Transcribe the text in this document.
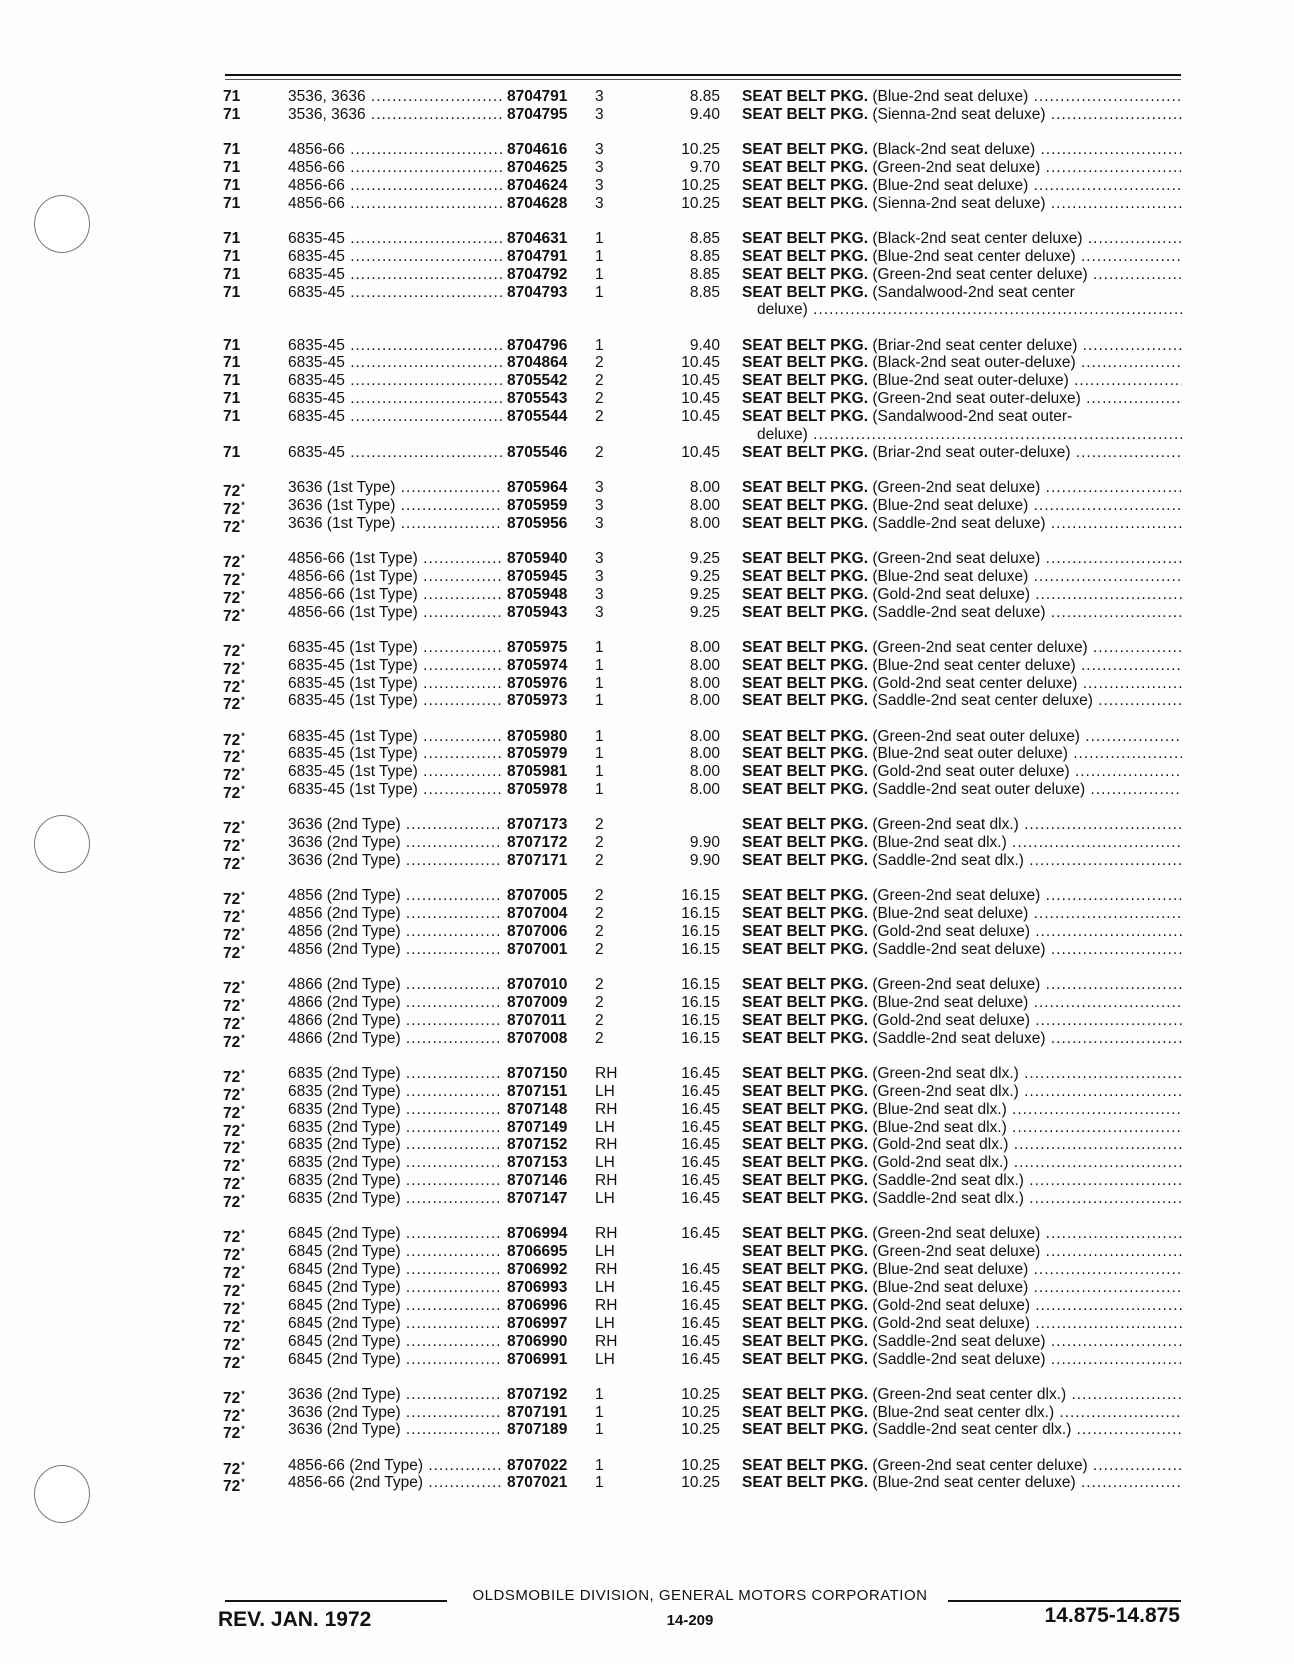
71	3536, 3636 .....	8704791	3	8.85 SEAT BELT PKG. (Blue-2nd seat deluxe) .....
71	3536, 3636 .....	8704795	3	9.40 SEAT BELT PKG. (Sienna-2nd seat deluxe) .....
71	4856-66 .....	8704616	3	10.25 SEAT BELT PKG. (Black-2nd seat deluxe) .....
71	4856-66 .....	8704625	3	9.70 SEAT BELT PKG. (Green-2nd seat deluxe) .....
71	4856-66 .....	8704624	3	10.25 SEAT BELT PKG. (Blue-2nd seat deluxe) .....
71	4856-66 .....	8704628	3	10.25 SEAT BELT PKG. (Sienna-2nd seat deluxe) .....
71	6835-45 .....	8704631	1	8.85 SEAT BELT PKG. (Black-2nd seat center deluxe) .....
71	6835-45 .....	8704791	1	8.85 SEAT BELT PKG. (Blue-2nd seat center deluxe) .....
71	6835-45 .....	8704792	1	8.85 SEAT BELT PKG. (Green-2nd seat center deluxe) .....
71	6835-45 .....	8704793	1	8.85 SEAT BELT PKG. (Sandalwood-2nd seat center
deluxe) .....
71	6835-45 .....	8704796	1	9.40 SEAT BELT PKG. (Briar-2nd seat center deluxe) .....
71	6835-45 .....	8704864	2	10.45 SEAT BELT PKG. (Black-2nd seat outer-deluxe) .....
71	6835-45 .....	8705542	2	10.45 SEAT BELT PKG. (Blue-2nd seat outer-deluxe) .....
71	6835-45 .....	8705543	2	10.45 SEAT BELT PKG. (Green-2nd seat outer-deluxe) .....
71	6835-45 .....	8705544	2	10.45 SEAT BELT PKG. (Sandalwood-2nd seat outer-
deluxe) .....
71	6835-45 .....	8705546	2	10.45 SEAT BELT PKG. (Briar-2nd seat outer-deluxe) .....
72*	3636 (1st Type) .....	8705964	3	8.00 SEAT BELT PKG. (Green-2nd seat deluxe) .....
72*	3636 (1st Type) .....	8705959	3	8.00 SEAT BELT PKG. (Blue-2nd seat deluxe) .....
72*	3636 (1st Type) .....	8705956	3	8.00 SEAT BELT PKG. (Saddle-2nd seat deluxe) .....
72*	4856-66 (1st Type) .....	8705940	3	9.25 SEAT BELT PKG. (Green-2nd seat deluxe) .....
72*	4856-66 (1st Type) .....	8705945	3	9.25 SEAT BELT PKG. (Blue-2nd seat deluxe) .....
72*	4856-66 (1st Type) .....	8705948	3	9.25 SEAT BELT PKG. (Gold-2nd seat deluxe) .....
72*	4856-66 (1st Type) .....	8705943	3	9.25 SEAT BELT PKG. (Saddle-2nd seat deluxe) .....
72*	6835-45 (1st Type) .....	8705975	1	8.00 SEAT BELT PKG. (Green-2nd seat center deluxe) .....
72*	6835-45 (1st Type) .....	8705974	1	8.00 SEAT BELT PKG. (Blue-2nd seat center deluxe) .....
72*	6835-45 (1st Type) .....	8705976	1	8.00 SEAT BELT PKG. (Gold-2nd seat center deluxe) .....
72*	6835-45 (1st Type) .....	8705973	1	8.00 SEAT BELT PKG. (Saddle-2nd seat center deluxe) .....
72*	6835-45 (1st Type) .....	8705980	1	8.00 SEAT BELT PKG. (Green-2nd seat outer deluxe) .....
72*	6835-45 (1st Type) .....	8705979	1	8.00 SEAT BELT PKG. (Blue-2nd seat outer deluxe) .....
72*	6835-45 (1st Type) .....	8705981	1	8.00 SEAT BELT PKG. (Gold-2nd seat outer deluxe) .....
72*	6835-45 (1st Type) .....	8705978	1	8.00 SEAT BELT PKG. (Saddle-2nd seat outer deluxe) .....
72*	3636 (2nd Type) .....	8707173	2	SEAT BELT PKG. (Green-2nd seat dlx.) .....
72*	3636 (2nd Type) .....	8707172	2	9.90 SEAT BELT PKG. (Blue-2nd seat dlx.) .....
72*	3636 (2nd Type) .....	8707171	2	9.90 SEAT BELT PKG. (Saddle-2nd seat dlx.) .....
72*	4856 (2nd Type) .....	8707005	2	16.15 SEAT BELT PKG. (Green-2nd seat deluxe) .....
72*	4856 (2nd Type) .....	8707004	2	16.15 SEAT BELT PKG. (Blue-2nd seat deluxe) .....
72*	4856 (2nd Type) .....	8707006	2	16.15 SEAT BELT PKG. (Gold-2nd seat deluxe) .....
72*	4856 (2nd Type) .....	8707001	2	16.15 SEAT BELT PKG. (Saddle-2nd seat deluxe) .....
72*	4866 (2nd Type) .....	8707010	2	16.15 SEAT BELT PKG. (Green-2nd seat deluxe) .....
72*	4866 (2nd Type) .....	8707009	2	16.15 SEAT BELT PKG. (Blue-2nd seat deluxe) .....
72*	4866 (2nd Type) .....	8707011	2	16.15 SEAT BELT PKG. (Gold-2nd seat deluxe) .....
72*	4866 (2nd Type) .....	8707008	2	16.15 SEAT BELT PKG. (Saddle-2nd seat deluxe) .....
72*	6835 (2nd Type) .....	8707150	RH	16.45 SEAT BELT PKG. (Green-2nd seat dlx.) .....
72*	6835 (2nd Type) .....	8707151	LH	16.45 SEAT BELT PKG. (Green-2nd seat dlx.) .....
72*	6835 (2nd Type) .....	8707148	RH	16.45 SEAT BELT PKG. (Blue-2nd seat dlx.) .....
72*	6835 (2nd Type) .....	8707149	LH	16.45 SEAT BELT PKG. (Blue-2nd seat dlx.) .....
72*	6835 (2nd Type) .....	8707152	RH	16.45 SEAT BELT PKG. (Gold-2nd seat dlx.) .....
72*	6835 (2nd Type) .....	8707153	LH	16.45 SEAT BELT PKG. (Gold-2nd seat dlx.) .....
72*	6835 (2nd Type) .....	8707146	RH	16.45 SEAT BELT PKG. (Saddle-2nd seat dlx.) .....
72*	6835 (2nd Type) .....	8707147	LH	16.45 SEAT BELT PKG. (Saddle-2nd seat dlx.) .....
72*	6845 (2nd Type) .....	8706994	RH	16.45 SEAT BELT PKG. (Green-2nd seat deluxe) .....
72*	6845 (2nd Type) .....	8706695	LH	SEAT BELT PKG. (Green-2nd seat deluxe) .....
72*	6845 (2nd Type) .....	8706992	RH	16.45 SEAT BELT PKG. (Blue-2nd seat deluxe) .....
72*	6845 (2nd Type) .....	8706993	LH	16.45 SEAT BELT PKG. (Blue-2nd seat deluxe) .....
72*	6845 (2nd Type) .....	8706996	RH	16.45 SEAT BELT PKG. (Gold-2nd seat deluxe) .....
72*	6845 (2nd Type) .....	8706997	LH	16.45 SEAT BELT PKG. (Gold-2nd seat deluxe) .....
72*	6845 (2nd Type) .....	8706990	RH	16.45 SEAT BELT PKG. (Saddle-2nd seat deluxe) .....
72*	6845 (2nd Type) .....	8706991	LH	16.45 SEAT BELT PKG. (Saddle-2nd seat deluxe) .....
72*	3636 (2nd Type) .....	8707192	1	10.25 SEAT BELT PKG. (Green-2nd seat center dlx.) .....
72*	3636 (2nd Type) .....	8707191	1	10.25 SEAT BELT PKG. (Blue-2nd seat center dlx.) .....
72*	3636 (2nd Type) .....	8707189	1	10.25 SEAT BELT PKG. (Saddle-2nd seat center dlx.) .....
72*	4856-66 (2nd Type) .....	8707022	1	10.25 SEAT BELT PKG. (Green-2nd seat center deluxe) .....
72*	4856-66 (2nd Type) .....	8707021	1	10.25 SEAT BELT PKG. (Blue-2nd seat center deluxe) .....
OLDSMOBILE DIVISION, GENERAL MOTORS CORPORATION
REV. JAN. 1972	14-209	14.875-14.875
